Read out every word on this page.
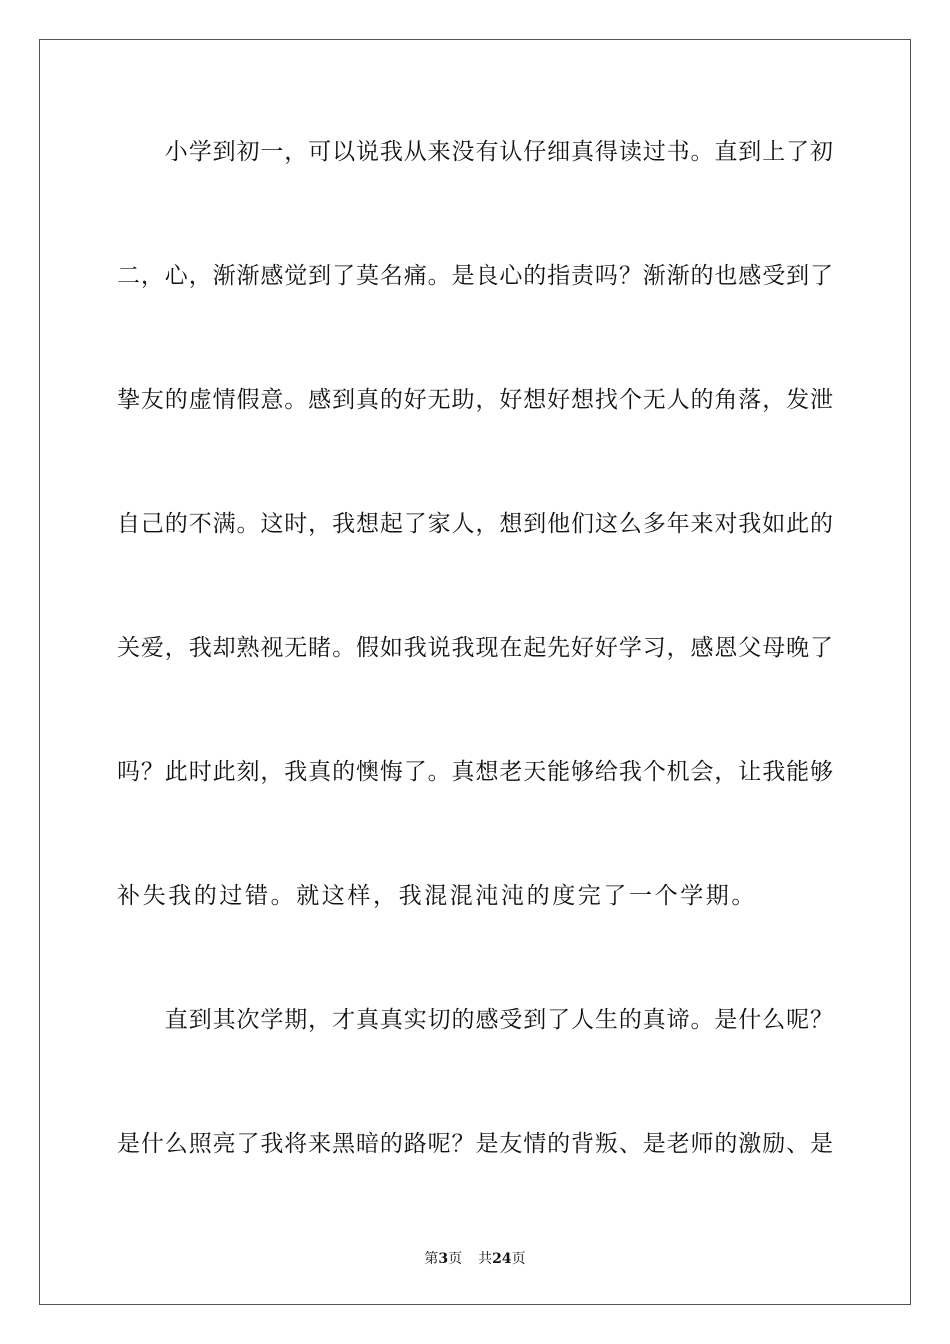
　　小学到初一，可以说我从来没有认仔细真得读过书。直到上了初
二，心，渐渐感觉到了莫名痛。是良心的指责吗？渐渐的也感受到了
挚友的虚情假意。感到真的好无助，好想好想找个无人的角落，发泄
自己的不满。这时，我想起了家人，想到他们这么多年来对我如此的
关爱，我却熟视无睹。假如我说我现在起先好好学习，感恩父母晚了
吗？此时此刻，我真的懊悔了。真想老天能够给我个机会，让我能够
补失我的过错。就这样，我混混沌沌的度完了一个学期。
　　直到其次学期，才真真实切的感受到了人生的真谛。是什么呢？
是什么照亮了我将来黑暗的路呢？是友情的背叛、是老师的激励、是
第3页 共24页
